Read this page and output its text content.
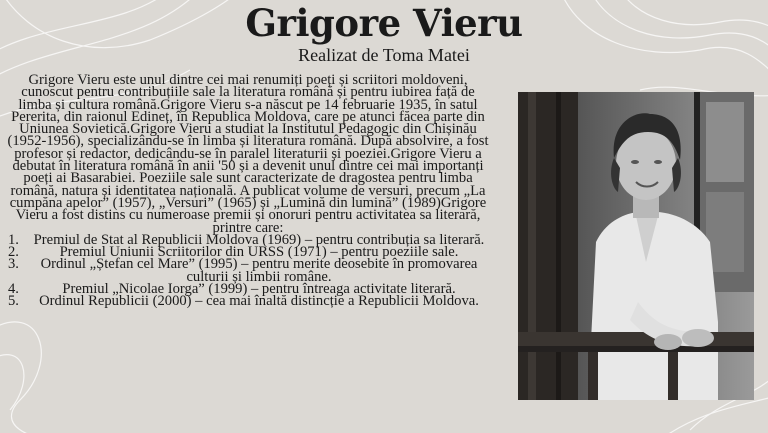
Grigore Vieru
Realizat de Toma Matei

Grigore Vieru este unul dintre cei mai renumiți poeți și scriitori moldoveni, cunoscut pentru contribuțiile sale la literatura română și pentru iubirea față de limba și cultura română.Grigore Vieru s-a născut pe 14 februarie 1935, în satul Pererita, din raionul Edineț, în Republica Moldova, care pe atunci făcea parte din Uniunea Sovietică.Grigore Vieru a studiat la Institutul Pedagogic din Chișinău (1952-1956), specializându-se în limba și literatura română. După absolvire, a fost profesor și redactor, dedicându-se în paralel literaturii și poeziei.Grigore Vieru a debutat în literatura română în anii '50 și a devenit unul dintre cei mai importanți poeți ai Basarabiei. Poeziile sale sunt caracterizate de dragostea pentru limba română, natura și identitatea națională. A publicat volume de versuri, precum „La cumpăna apelor” (1957), „Versuri” (1965) și „Lumină din lumină” (1989)Grigore Vieru a fost distins cu numeroase premii și onoruri pentru activitatea sa literară, printre care:

1. Premiul de Stat al Republicii Moldova (1969) – pentru contribuția sa literară.
2.	Premiul Uniunii Scriitorilor din URSS (1971) – pentru poeziile sale.
3. Ordinul „Ștefan cel Mare” (1995) – pentru merite deosebite în promovarea culturii și limbii române.
4.	Premiul „Nicolae Iorga” (1999) – pentru întreaga activitate literară.
5. Ordinul Republicii (2000) – cea mai înaltă distincție a Republicii Moldova.
